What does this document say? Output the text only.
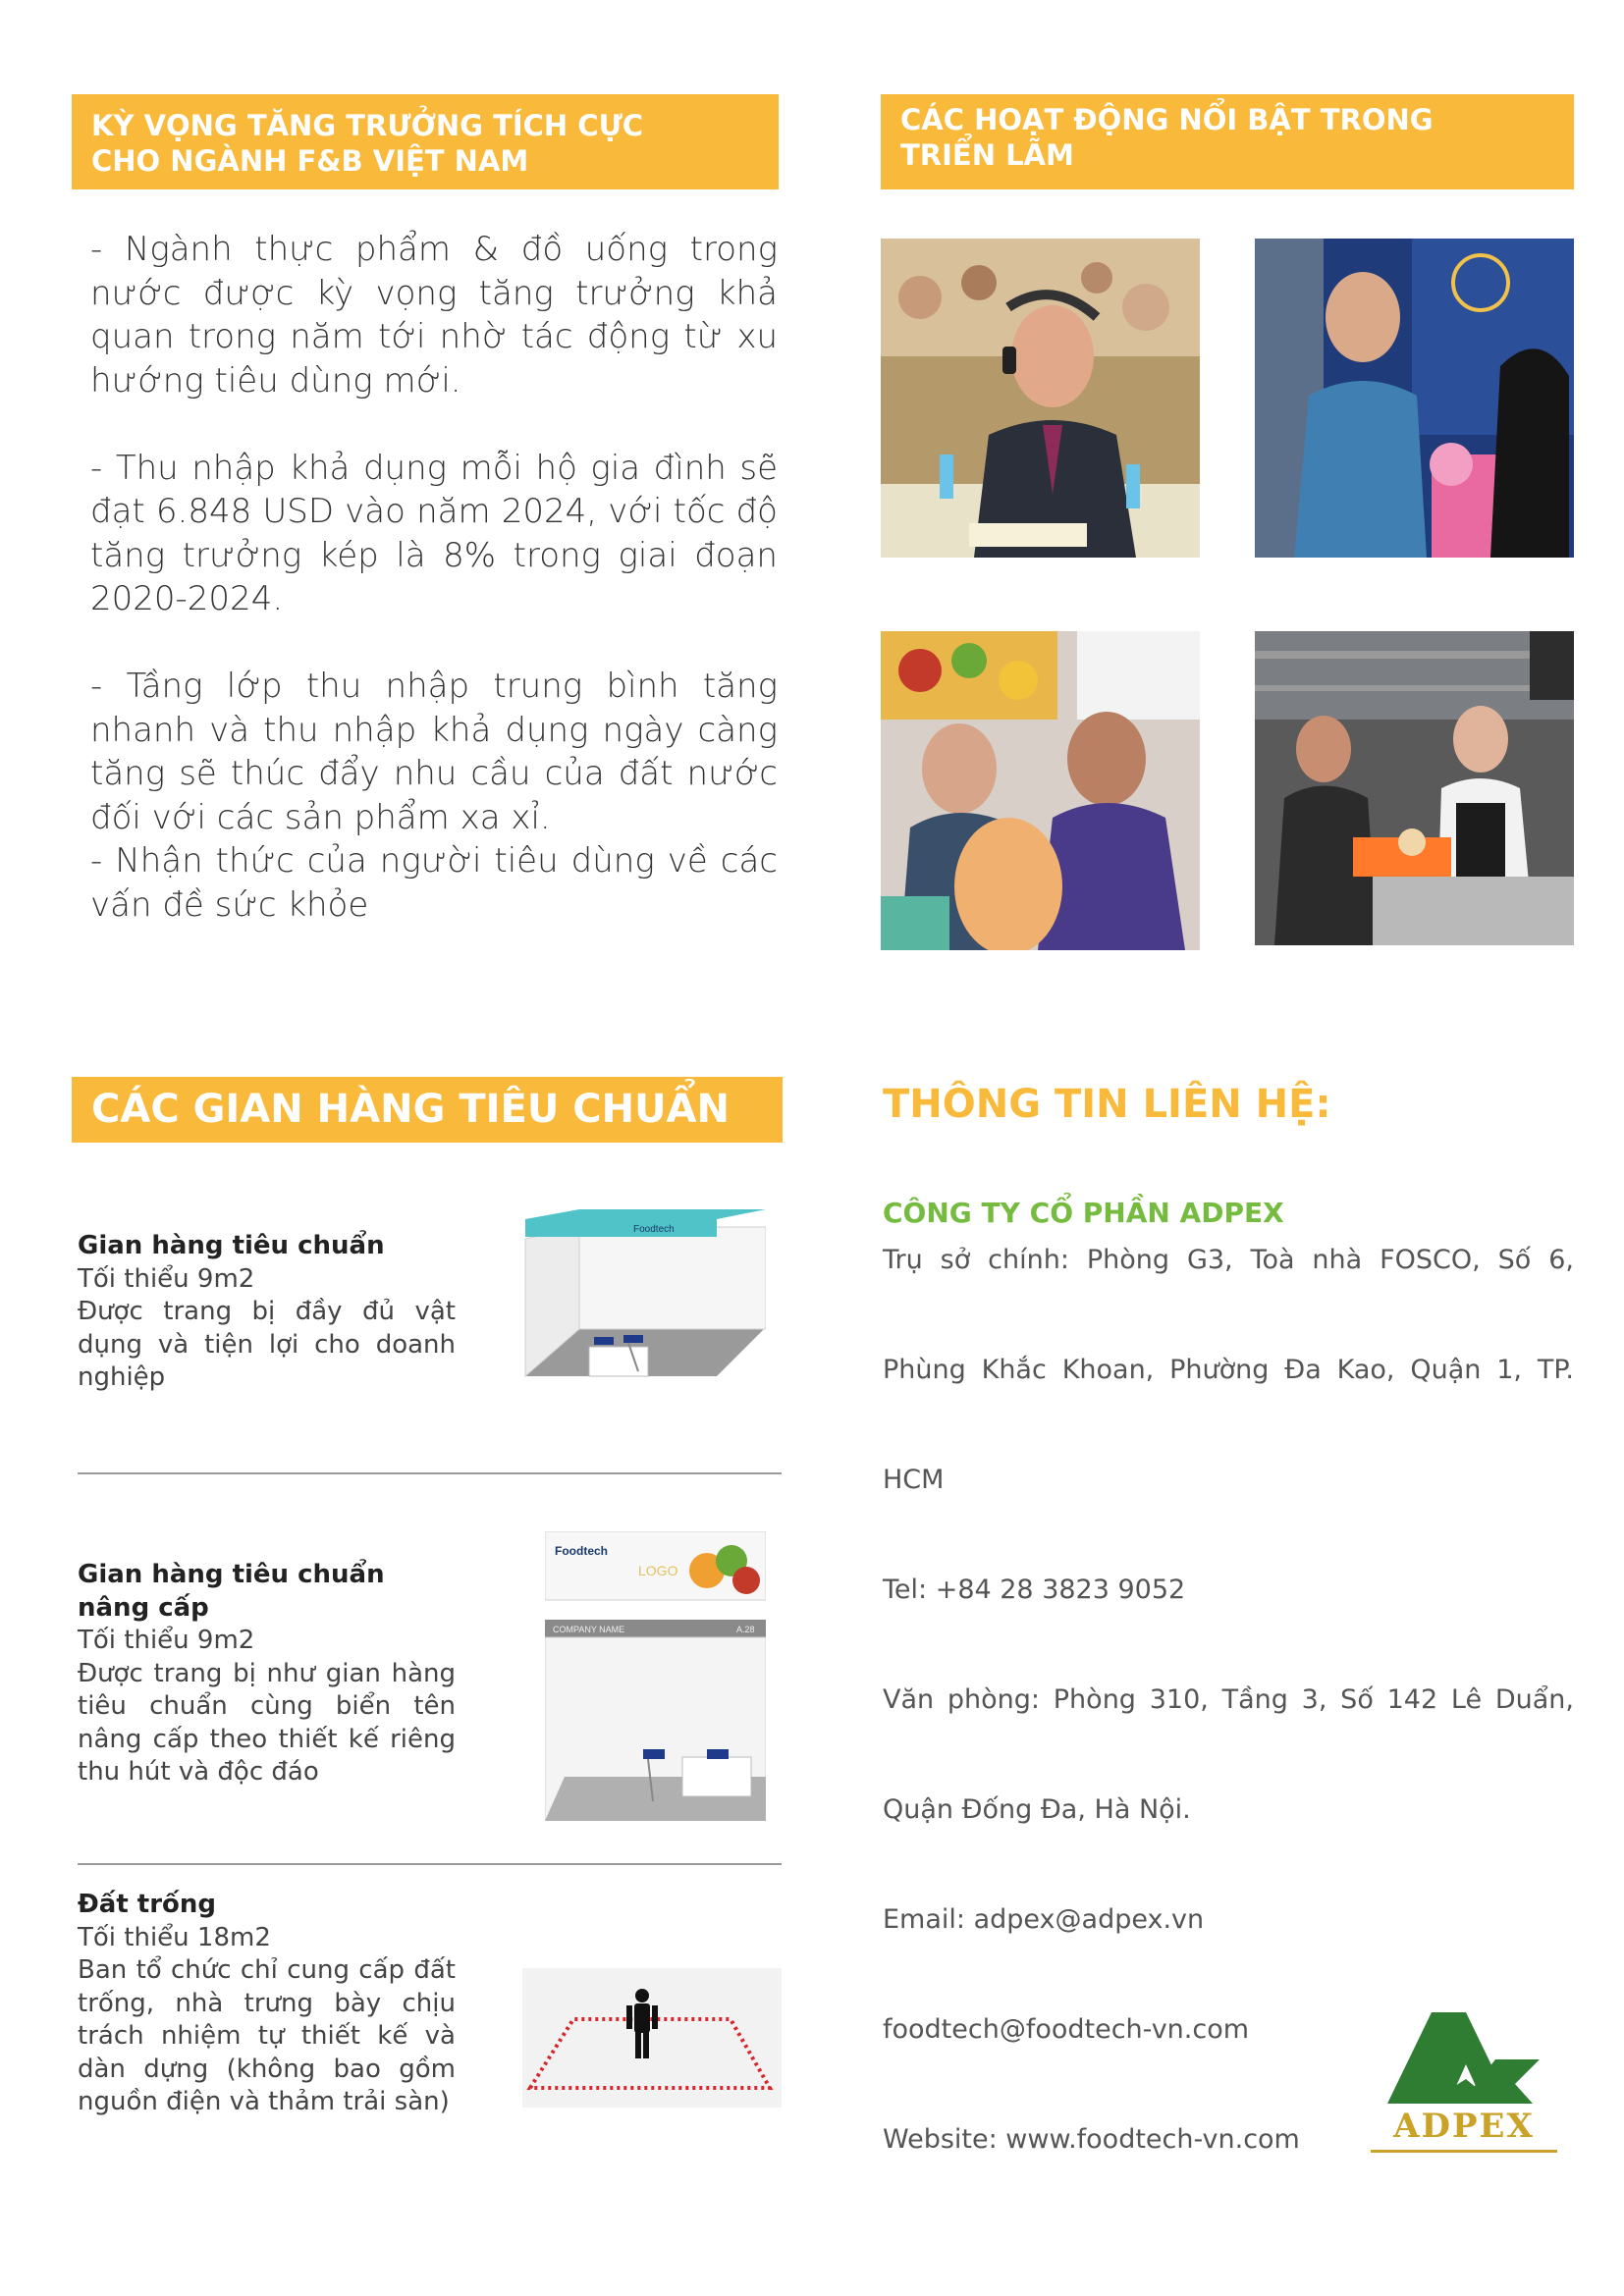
KỲ VỌNG TĂNG TRƯỞNG TÍCH CỰC
CHO NGÀNH F&B VIỆT NAM
CÁC HOẠT ĐỘNG NỔI BẬT TRONG
TRIỂN LÃM

- Ngành thực phẩm & đồ uống trong nước được kỳ vọng tăng trưởng khả quan trong năm tới nhờ tác động từ xu hướng tiêu dùng mới.

- Thu nhập khả dụng mỗi hộ gia đình sẽ đạt 6.848 USD vào năm 2024, với tốc độ tăng trưởng kép là 8% trong giai đoạn 2020-2024.

- Tầng lớp thu nhập trung bình tăng nhanh và thu nhập khả dụng ngày càng tăng sẽ thúc đẩy nhu cầu của đất nước đối với các sản phẩm xa xỉ.

- Nhận thức của người tiêu dùng về các vấn đề sức khỏe

CÁC GIAN HÀNG TIÊU CHUẨN
Gian hàng tiêu chuẩn
Tối thiểu 9m2
Được trang bị đầy đủ vật dụng và tiện lợi cho doanh nghiệp
Foodtech
Gian hàng tiêu chuẩn nâng cấp
Tối thiểu 9m2
Được trang bị như gian hàng tiêu chuẩn cùng biển tên nâng cấp theo thiết kế riêng thu hút và độc đáo
Foodtech
LOGO
COMPANY NAME	A.28
Đất trống
Tối thiểu 18m2
Ban tổ chức chỉ cung cấp đất trống, nhà trưng bày chịu trách nhiệm tự thiết kế và dàn dựng (không bao gồm nguồn điện và thảm trải sàn)
THÔNG TIN LIÊN HỆ:
CÔNG TY CỔ PHẦN ADPEX
Trụ sở chính: Phòng G3, Toà nhà FOSCO, Số 6,
Phùng Khắc Khoan, Phường Đa Kao, Quận 1, TP.
HCM
Tel: +84 28 3823 9052
Văn phòng: Phòng 310, Tầng 3, Số 142 Lê Duẩn,
Quận Đống Đa, Hà Nội.
Email: adpex@adpex.vn
foodtech@foodtech-vn.com
Website: www.foodtech-vn.com	ADPEX
